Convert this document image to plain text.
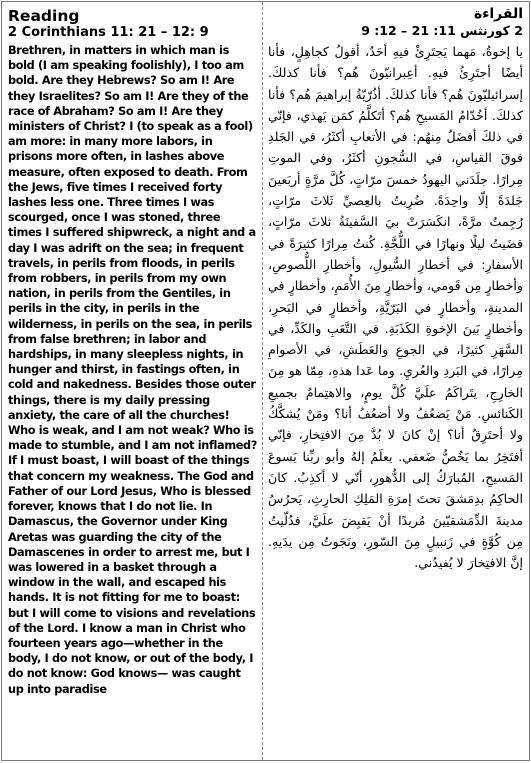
Reading
2 Corinthians 11: 21 – 12: 9

Brethren, in matters in which man is bold (I am speaking foolishly), I too am bold. Are they Hebrews? So am I! Are they Israelites? So am I! Are they of the race of Abraham? So am I! Are they ministers of Christ? I (to speak as a fool) am more: in many more labors, in prisons more often, in lashes above measure, often exposed to death. From the Jews, five times I received forty lashes less one. Three times I was scourged, once I was stoned, three times I suffered shipwreck, a night and a day I was adrift on the sea; in frequent travels, in perils from floods, in perils from robbers, in perils from my own nation, in perils from the Gentiles, in perils in the city, in perils in the wilderness, in perils on the sea, in perils from false brethren; in labor and hardships, in many sleepless nights, in hunger and thirst, in fastings often, in cold and nakedness. Besides those outer things, there is my daily pressing anxiety, the care of all the churches! Who is weak, and I am not weak? Who is made to stumble, and I am not inflamed? If I must boast, I will boast of the things that concern my weakness. The God and Father of our Lord Jesus, Who is blessed forever, knows that I do not lie. In Damascus, the Governor under King Aretas was guarding the city of the Damascenes in order to arrest me, but I was lowered in a basket through a window in the wall, and escaped his hands. It is not fitting for me to boast: but I will come to visions and revelations of the Lord. I know a man in Christ who fourteen years ago—whether in the body, I do not know, or out of the body, I do not know: God knows— was caught up into paradise

القراءة
2 كورنثس 11: 21 – 12: 9

يا إخوةُ، مَهما يَجتَرِئْ فيهِ أحَدٌ، أقولُ كجاهِلٍ، فأنا أيضًا أجتَرِئُ فيهِ. أعِبرانيّونَ هُم؟ فأنا كذلكَ. إسرائيليّونَ هُم؟ فأنا كذلكَ. أذُرّيّةُ إبراهيمَ هُم؟ فأنا كذلكَ. أخُدّامُ المَسيحِ هُم؟ أتَكلَّمُ كمَن يَهذي، فإنّي في ذلكَ أفضَلُ مِنهُم: في الأتعابِ أكثَرُ، في الجَلدِ فوقَ القياسِ، في السُّجونِ أكثَرُ، وفي الموتِ مِرارًا. جلَدَني اليهودُ خمسَ مرّاتٍ، كُلَّ مرَّةٍ أربَعينَ جَلدَةً إلّا واحِدَةً. ضُرِبتُ بالعِصيِّ ثَلاثَ مرّاتٍ، رُجِمتُ مرَّةً، انكَسَرَتْ بيَ السَّفينَةُ ثلاثَ مرّاتٍ، قضَيتُ ليلًا ونهارًا في اللُّجَّةِ. كُنتُ مِرارًا كثيرَةً في الأسفارِ: في أخطارِ السُّيولِ، وأخطارِ اللُّصوصِ، وأخطارٍ مِن قَومي، وأخطارٍ مِنَ الأُمَمِ، وأخطارٍ في المدينةِ، وأخطارٍ في البَرّيَّةِ، وأخطارٍ في البَحرِ، وأخطارٍ بَينَ الإخوةِ الكَذَبَةِ. في التَّعَبِ والكَدِّ، في السَّهَرِ كثيرًا، في الجوعِ والعَطَشِ، في الأصوامِ مِرارًا، في البَردِ والعُريِ. وما عَدا هذهِ، مِمّا هو مِنَ الخارِجِ، يتَراكَمُ علَيَّ كُلَّ يومٍ، والاهتِمامُ بجميعِ الكَنائسِ. مَنْ يَضعُفُ ولا أضعُفُ أنا؟ ومَنْ يُشكَّكُ ولا أحتَرِقُ أنا؟ إنْ كانَ لا بُدَّ مِنَ الافتِخارِ، فإنّي أفتَخِرُ بما يَخُصُّ ضَعفي. يعلَمُ إلهُ وأبو ربِّنا يَسوعَ المَسيحِ، المُبارَكُ إلى الدُّهورِ، أنّي لا أكذِبُ. كانَ الحاكِمُ بدِمَشقَ تحتَ إمرَةِ المَلِكِ الحارِثِ، يَحرُسُ مدينةَ الدِّمَشقيّينَ مُريدًا أنْ يَقبِضَ علَيَّ، فدُلّيتُ مِن كُوَّةٍ في زَنبيلٍ مِنَ السّورِ، ونَجَوتُ مِن يدَيهِ. إنَّ الافتِخارَ لا يُفيدُني.
